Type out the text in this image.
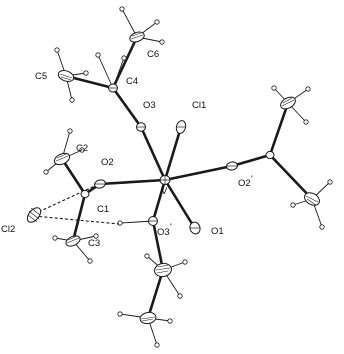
V
Cl1
Cl2
O3
O2
O2 '
O3 '	O1
C1
C2
C3
C4
C5
C6
